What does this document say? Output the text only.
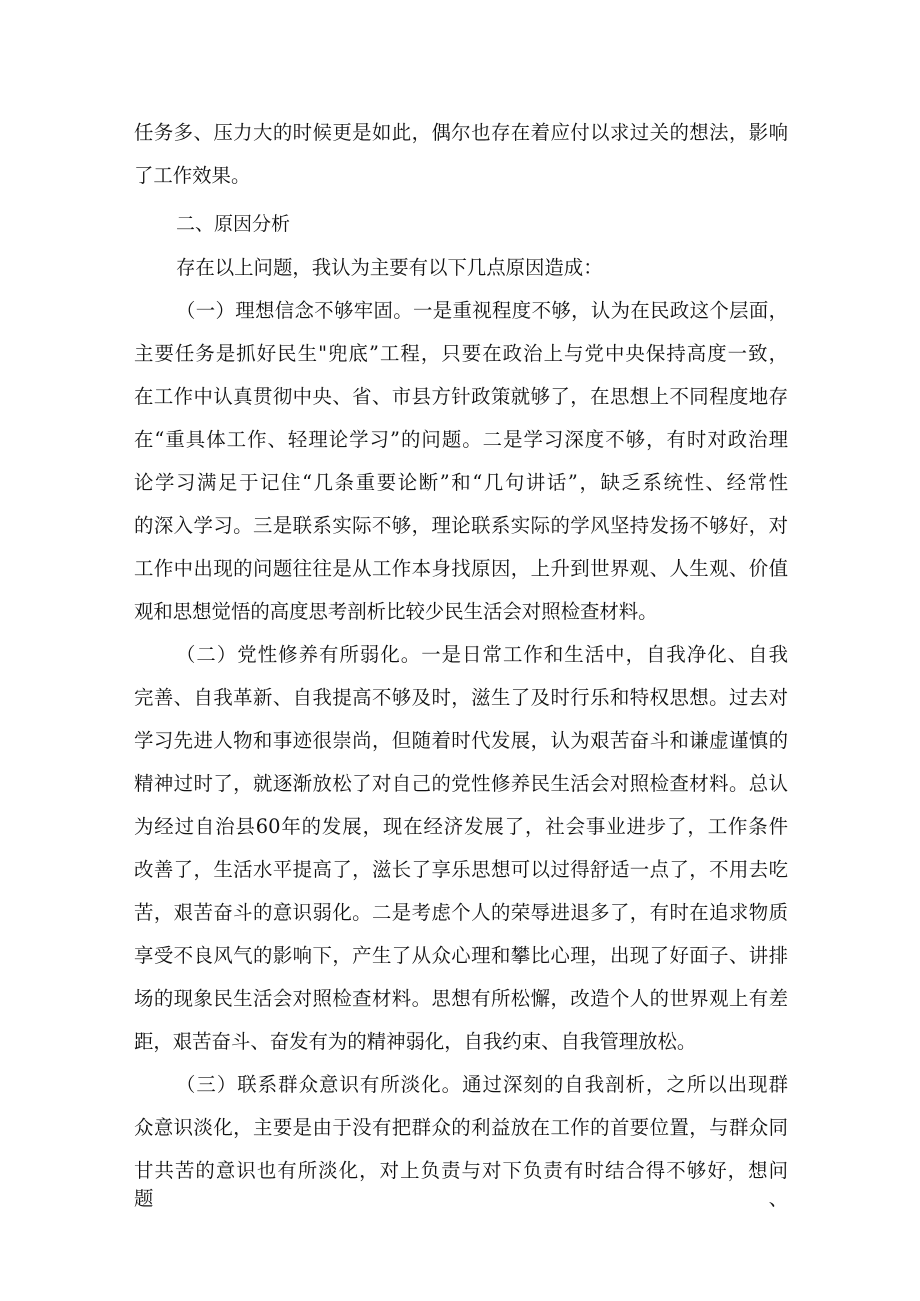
任务多、压力大的时候更是如此，偶尔也存在着应付以求过关的想法，影响

了工作效果。

二、原因分析

存在以上问题，我认为主要有以下几点原因造成：

（一）理想信念不够牢固。一是重视程度不够，认为在民政这个层面，

主要任务是抓好民生"兜底”工程，只要在政治上与党中央保持高度一致，

在工作中认真贯彻中央、省、市县方针政策就够了，在思想上不同程度地存

在“重具体工作、轻理论学习”的问题。二是学习深度不够，有时对政治理

论学习满足于记住“几条重要论断”和“几句讲话”，缺乏系统性、经常性

的深入学习。三是联系实际不够，理论联系实际的学风坚持发扬不够好，对

工作中出现的问题往往是从工作本身找原因，上升到世界观、人生观、价值

观和思想觉悟的高度思考剖析比较少民生活会对照检查材料。

（二）党性修养有所弱化。一是日常工作和生活中，自我净化、自我

完善、自我革新、自我提高不够及时，滋生了及时行乐和特权思想。过去对

学习先进人物和事迹很崇尚，但随着时代发展，认为艰苦奋斗和谦虚谨慎的

精神过时了，就逐渐放松了对自己的党性修养民生活会对照检查材料。总认

为经过自治县60年的发展，现在经济发展了，社会事业进步了，工作条件

改善了，生活水平提高了，滋长了享乐思想可以过得舒适一点了，不用去吃

苦，艰苦奋斗的意识弱化。二是考虑个人的荣辱进退多了，有时在追求物质

享受不良风气的影响下，产生了从众心理和攀比心理，出现了好面子、讲排

场的现象民生活会对照检查材料。思想有所松懈，改造个人的世界观上有差

距，艰苦奋斗、奋发有为的精神弱化，自我约束、自我管理放松。

（三）联系群众意识有所淡化。通过深刻的自我剖析，之所以出现群

众意识淡化，主要是由于没有把群众的利益放在工作的首要位置，与群众同

甘共苦的意识也有所淡化，对上负责与对下负责有时结合得不够好，想问题、
